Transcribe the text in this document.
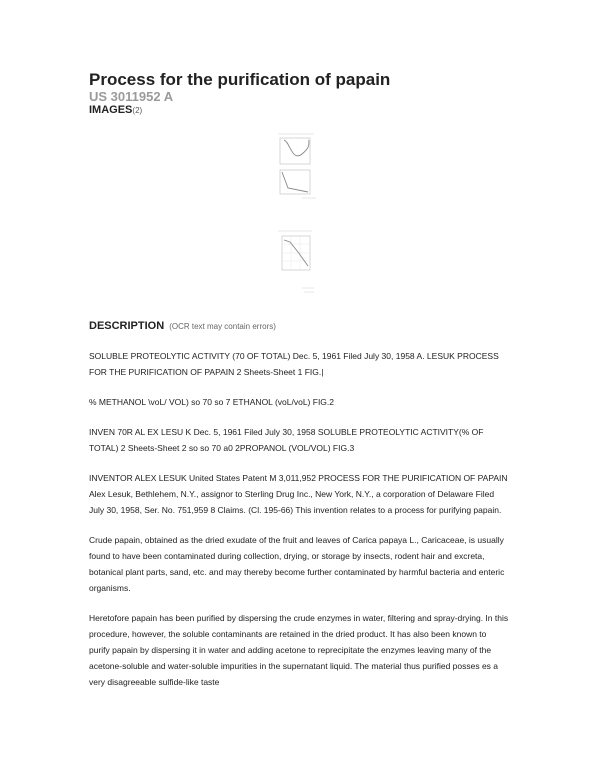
Process for the purification of papain
US 3011952 A
IMAGES(2)
DESCRIPTION (OCR text may contain errors)

SOLUBLE PROTEOLYTIC ACTIVITY (70 OF TOTAL) Dec. 5, 1961 Filed July 30, 1958 A. LESUK PROCESS FOR THE PURIFICATION OF PAPAIN 2 Sheets-Sheet 1 FIG.|

% METHANOL \voL/ VOL) so 70 so 7 ETHANOL (voL/voL) FIG.2

INVEN 70R AL EX LESU K Dec. 5, 1961 Filed July 30, 1958 SOLUBLE PROTEOLYTIC ACTIVITY(% OF TOTAL) 2 Sheets-Sheet 2 so so 70 a0 2PROPANOL (VOL/VOL) FIG.3

INVENTOR ALEX LESUK United States Patent M 3,011,952 PROCESS FOR THE PURIFICATION OF PAPAIN Alex Lesuk, Bethlehem, N.Y., assignor to Sterling Drug Inc., New York, N.Y., a corporation of Delaware Filed July 30, 1958, Ser. No. 751,959 8 Claims. (Cl. 195-66) This invention relates to a process for purifying papain.

Crude papain, obtained as the dried exudate of the fruit and leaves of Carica papaya L., Caricaceae, is usually found to have been contaminated during collection, drying, or storage by insects, rodent hair and excreta, botanical plant parts, sand, etc. and may thereby become further contaminated by harmful bacteria and enteric organisms.

Heretofore papain has been purified by dispersing the crude enzymes in water, filtering and spray-drying. In this procedure, however, the soluble contaminants are retained in the dried product. It has also been known to purify papain by dispersing it in water and adding acetone to reprecipitate the enzymes leaving many of the acetone-soluble and water-soluble impurities in the supernatant liquid. The material thus purified posses es a very disagreeable sulfide-like taste
